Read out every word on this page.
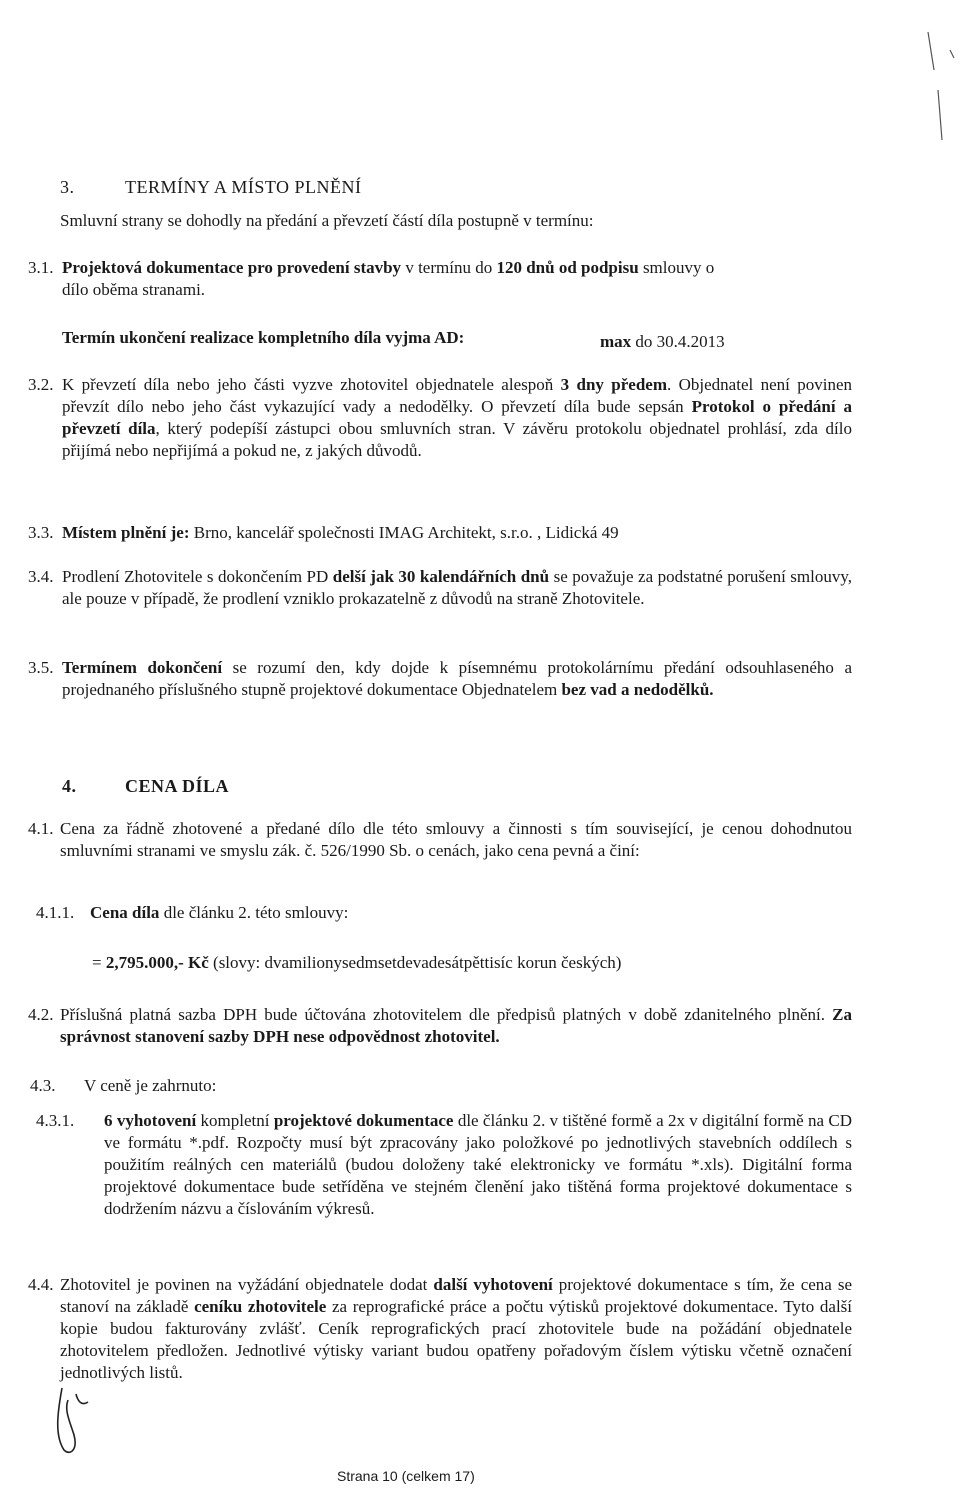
3.	TERMÍNY A MÍSTO PLNĚNÍ
Smluvní strany se dohodly na předání a převzetí částí díla postupně v termínu:
3.1. Projektová dokumentace pro provedení stavby v termínu do 120 dnů od podpisu smlouvy o
dílo oběma stranami.
Termín ukončení realizace kompletního díla vyjma AD:	max do 30.4.2013
3.2. K převzetí díla nebo jeho části vyzve zhotovitel objednatele alespoň 3 dny předem. Objednatel není povinen převzít dílo nebo jeho část vykazující vady a nedodělky. O převzetí díla bude sepsán Protokol o předání a převzetí díla, který podepíší zástupci obou smluvních stran. V závěru protokolu objednatel prohlásí, zda dílo přijímá nebo nepřijímá a pokud ne, z jakých důvodů.
3.3. Místem plnění je: Brno, kancelář společnosti IMAG Architekt, s.r.o. , Lidická 49
3.4. Prodlení Zhotovitele s dokončením PD delší jak 30 kalendářních dnů se považuje za podstatné porušení smlouvy, ale pouze v případě, že prodlení vzniklo prokazatelně z důvodů na straně Zhotovitele.
3.5. Termínem dokončení se rozumí den, kdy dojde k písemnému protokolárnímu předání odsouhlaseného a projednaného příslušného stupně projektové dokumentace Objednatelem bez vad a nedodělků.
4.	CENA DÍLA
4.1. Cena za řádně zhotovené a předané dílo dle této smlouvy a činnosti s tím související, je cenou dohodnutou smluvními stranami ve smyslu zák. č. 526/1990 Sb. o cenách, jako cena pevná a činí:
4.1.1. Cena díla dle článku 2. této smlouvy:
= 2,795.000,- Kč (slovy: dvamilionysedmsetdevadesátpěttisíc korun českých)
4.2. Příslušná platná sazba DPH bude účtována zhotovitelem dle předpisů platných v době zdanitelného plnění. Za správnost stanovení sazby DPH nese odpovědnost zhotovitel.
4.3. V ceně je zahrnuto:
4.3.1. 6 vyhotovení kompletní projektové dokumentace dle článku 2. v tištěné formě a 2x v digitální formě na CD ve formátu *.pdf. Rozpočty musí být zpracovány jako položkové po jednotlivých stavebních oddílech s použitím reálných cen materiálů (budou doloženy také elektronicky ve formátu *.xls). Digitální forma projektové dokumentace bude setříděna ve stejném členění jako tištěná forma projektové dokumentace s dodržením názvu a číslováním výkresů.
4.4. Zhotovitel je povinen na vyžádání objednatele dodat další vyhotovení projektové dokumentace s tím, že cena se stanoví na základě ceníku zhotovitele za reprografické práce a počtu výtisků projektové dokumentace. Tyto další kopie budou fakturovány zvlášť. Ceník reprografických prací zhotovitele bude na požádání objednatele zhotovitelem předložen. Jednotlivé výtisky variant budou opatřeny pořadovým číslem výtisku včetně označení jednotlivých listů.
Strana 10 (celkem 17)
